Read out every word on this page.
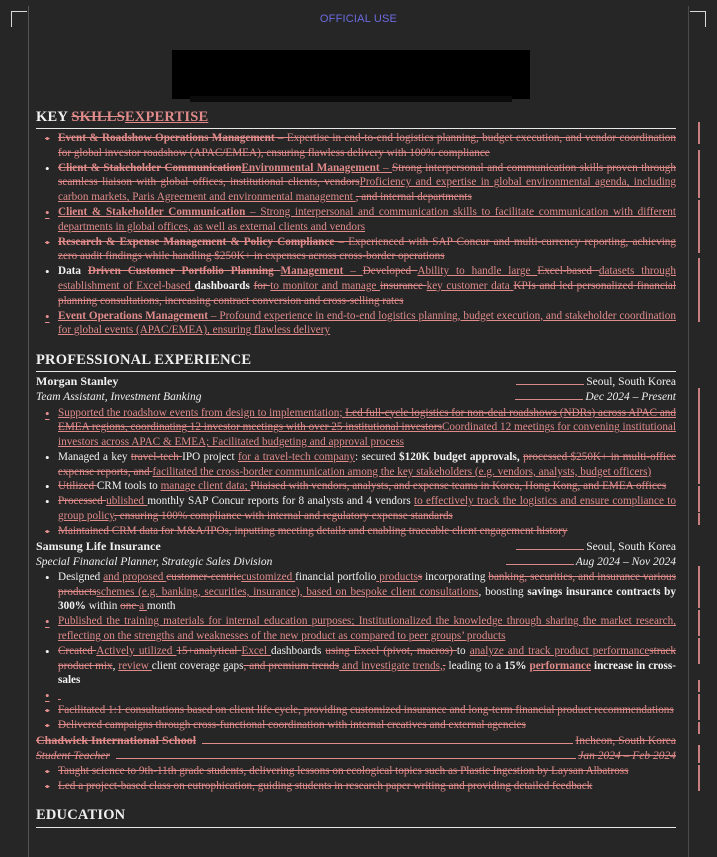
OFFICIAL USE
KEY SKILLSEXPERTISE
• Event & Roadshow Operations Management – Expertise in end-to-end logistics planning, budget execution, and vendor coordination for global investor roadshow (APAC/EMEA), ensuring flawless delivery with 100% compliance
• Client & Stakeholder CommunicationEnvironmental Management – Strong interpersonal and communication skills proven through seamless liaison with global offices, institutional clients, vendorsProficiency and expertise in global environmental agenda, including carbon markets, Paris Agreement and environmental management , and internal departments
• Client & Stakeholder Communication – Strong interpersonal and communication skills to facilitate communication with different departments in global offices, as well as external clients and vendors
• Research & Expense Management & Policy Compliance – Experienced with SAP Concur and multi-currency reporting, achieving zero audit findings while handling $250K+ in expenses across cross-border operations
• Data Driven Customer Portfolio Planning Management – Developed Ability to handle large Excel-based datasets through establishment of Excel-based dashboards for to monitor and manage insurance key customer data KPIs and led personalized financial planning consultations, increasing contract conversion and cross-selling rates
• Event Operations Management – Profound experience in end-to-end logistics planning, budget execution, and stakeholder coordination for global events (APAC/EMEA), ensuring flawless delivery
PROFESSIONAL EXPERIENCE
Morgan Stanley	Seoul, South Korea
Team Assistant, Investment Banking	Dec 2024 – Present
• Supported the roadshow events from design to implementation; Led full-cycle logistics for non-deal roadshows (NDRs) across APAC and EMEA regions, coordinating 12 investor meetings with over 25 institutional investorsCoordinated 12 meetings for convening institutional investors across APAC & EMEA; Facilitated budgeting and approval process
• Managed a key travel-tech IPO project for a travel-tech company: secured $120K budget approvals, processed $250K+ in multi-office expense reports, and facilitated the cross-border communication among the key stakeholders (e.g. vendors, analysts, budget officers)
• Utilized CRM tools to manage client data; Pliaised with vendors, analysts, and expense teams in Korea, Hong Kong, and EMEA offices
• Processed ublished monthly SAP Concur reports for 8 analysts and 4 vendors to effectively track the logistics and ensure compliance to group policy, ensuring 100% compliance with internal and regulatory expense standards
• Maintained CRM data for M&A/IPOs, inputting meeting details and enabling traceable client engagement history
Samsung Life Insurance	Seoul, South Korea
Special Financial Planner, Strategic Sales Division	Aug 2024 – Nov 2024
• Designed and proposed customer-centriccustomized financial portfolio productss incorporating banking, securities, and insurance various productsschemes (e.g. banking, securities, insurance), based on bespoke client consultations, boosting savings insurance contracts by 300% within one a month
• Published the training materials for internal education purposes; Institutionalized the knowledge through sharing the market research, reflecting on the strengths and weaknesses of the new product as compared to peer groups’ products
• Created Actively utilized 15+analytical Excel dashboards using Excel (pivot, macros) to analyze and track product performancestrack product mix, review client coverage gaps, and premium trends and investigate trends,, leading to a 15% performance increase in cross-sales
•
• Facilitated 1:1 consultations based on client life cycle, providing customized insurance and long-term financial product recommendations
• Delivered campaigns through cross-functional coordination with internal creatives and external agencies
Chadwick International School	Incheon, South Korea
Student Teacher	Jan 2024 – Feb 2024
• Taught science to 9th-11th grade students, delivering lessons on ecological topics such as Plastic Ingestion by Laysan Albatross
• Led a project-based class on eutrophication, guiding students in research paper writing and providing detailed feedback
EDUCATION
